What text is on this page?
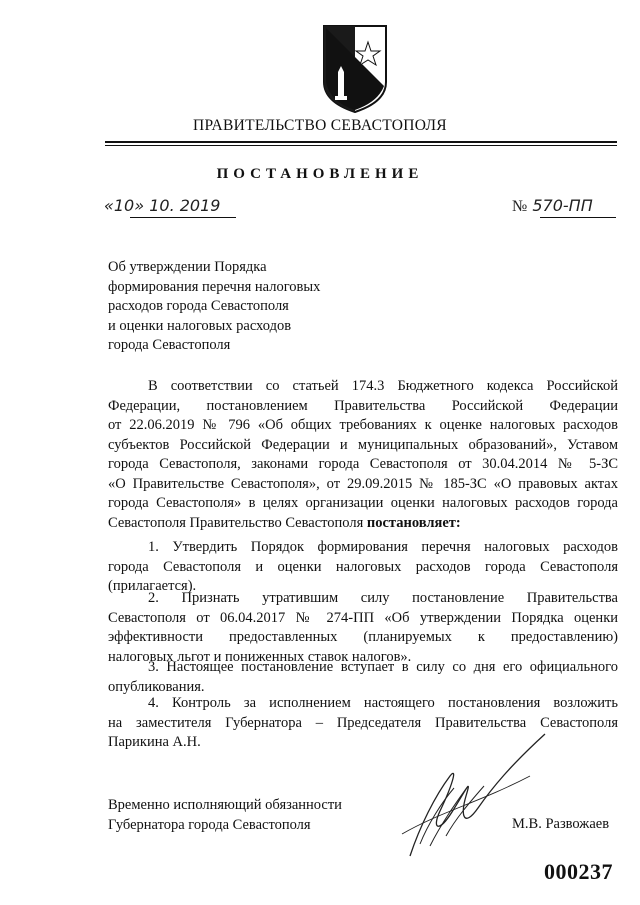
ПРАВИТЕЛЬСТВО СЕВАСТОПОЛЯ
ПОСТАНОВЛЕНИЕ
«10» 10. 2019	№ 570-ПП
Об утверждении Порядка
формирования перечня налоговых
расходов города Севастополя
и оценки налоговых расходов
города Севастополя
В соответствии со статьей 174.3 Бюджетного кодекса Российской
Федерации, постановлением Правительства Российской Федерации
от 22.06.2019 № 796 «Об общих требованиях к оценке налоговых расходов
субъектов Российской Федерации и муниципальных образований», Уставом
города Севастополя, законами города Севастополя от 30.04.2014 № 5-ЗС
«О Правительстве Севастополя», от 29.09.2015 № 185-ЗС «О правовых актах
города Севастополя» в целях организации оценки налоговых расходов города
Севастополя Правительство Севастополя постановляет:
1. Утвердить Порядок формирования перечня налоговых расходов
города Севастополя и оценки налоговых расходов города Севастополя
(прилагается).
2. Признать утратившим силу постановление Правительства
Севастополя от 06.04.2017 № 274-ПП «Об утверждении Порядка оценки
эффективности предоставленных (планируемых к предоставлению)
налоговых льгот и пониженных ставок налогов».
3. Настоящее постановление вступает в силу со дня его официального
опубликования.
4. Контроль за исполнением настоящего постановления возложить
на заместителя Губернатора – Председателя Правительства Севастополя
Парикина А.Н.
Временно исполняющий обязанности
Губернатора города Севастополя	М.В. Развожаев
000237
